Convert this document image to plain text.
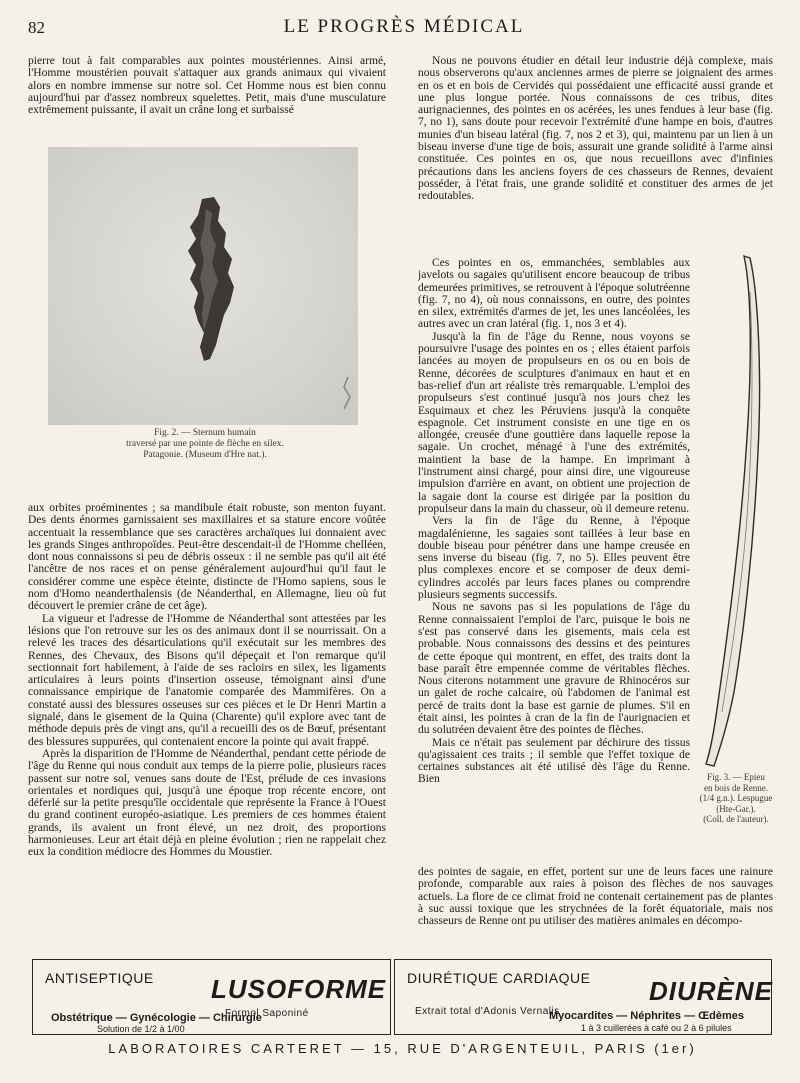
82	LE PROGRÈS MÉDICAL

pierre tout à fait comparables aux pointes moustériennes. Ainsi armé, l'Homme moustérien pouvait s'attaquer aux grands animaux qui vivaient alors en nombre immense sur notre sol. Cet Homme nous est bien connu aujourd'hui par d'assez nombreux squelettes. Petit, mais d'une musculature extrêmement puissante, il avait un crâne long et surbaissé

Fig. 2. — Sternum humain
traversé par une pointe de flèche en silex.
Patagonie. (Museum d'Hre nat.).

aux orbites proéminentes ; sa mandibule était robuste, son menton fuyant. Des dents énormes garnissaient ses maxillaires et sa stature encore voûtée accentuait la ressemblance que ses caractères archaïques lui donnaient avec les grands Singes anthropoïdes. Peut-être descendait-il de l'Homme chelléen, dont nous connaissons si peu de débris osseux : il ne semble pas qu'il ait été l'ancêtre de nos races et on pense généralement aujourd'hui qu'il faut le considérer comme une espèce éteinte, distincte de l'Homo sapiens, sous le nom d'Homo neanderthalensis (de Néanderthal, en Allemagne, lieu où fut découvert le premier crâne de cet âge).

La vigueur et l'adresse de l'Homme de Néanderthal sont attestées par les lésions que l'on retrouve sur les os des animaux dont il se nourrissait. On a relevé les traces des désarticulations qu'il exécutait sur les membres des Rennes, des Chevaux, des Bisons qu'il dépeçait et l'on remarque qu'il sectionnait fort habilement, à l'aide de ses racloirs en silex, les ligaments articulaires à leurs points d'insertion osseuse, témoignant ainsi d'une connaissance empirique de l'anatomie comparée des Mammifères. On a constaté aussi des blessures osseuses sur ces pièces et le Dr Henri Martin a signalé, dans le gisement de la Quina (Charente) qu'il explore avec tant de méthode depuis près de vingt ans, qu'il a recueilli des os de Bœuf, présentant des blessures suppurées, qui contenaient encore la pointe qui avait frappé.

Après la disparition de l'Homme de Néanderthal, pendant cette période de l'âge du Renne qui nous conduit aux temps de la pierre polie, plusieurs races passent sur notre sol, venues sans doute de l'Est, prélude de ces invasions orientales et nordiques qui, jusqu'à une époque trop récente encore, ont déferlé sur la petite presqu'île occidentale que représente la France à l'Ouest du grand continent européo-asiatique. Les premiers de ces hommes étaient grands, ils avaient un front élevé, un nez droit, des proportions harmonieuses. Leur art était déjà en pleine évolution ; rien ne rappelait chez eux la condition médiocre des Hommes du Moustier.

Nous ne pouvons étudier en détail leur industrie déjà complexe, mais nous observerons qu'aux anciennes armes de pierre se joignaient des armes en os et en bois de Cervidés qui possédaient une efficacité aussi grande et une plus longue portée. Nous connaissons de ces tribus, dites aurignaciennes, des pointes en os acérées, les unes fendues à leur base (fig. 7, no 1), sans doute pour recevoir l'extrémité d'une hampe en bois, d'autres munies d'un biseau latéral (fig. 7, nos 2 et 3), qui, maintenu par un lien à un biseau inverse d'une tige de bois, assurait une grande solidité à l'arme ainsi constituée. Ces pointes en os, que nous recueillons avec d'infinies précautions dans les anciens foyers de ces chasseurs de Rennes, devaient posséder, à l'état frais, une grande solidité et constituer des armes de jet redoutables.

Ces pointes en os, emmanchées, semblables aux javelots ou sagaies qu'utilisent encore beaucoup de tribus demeurées primitives, se retrouvent à l'époque solutréenne (fig. 7, no 4), où nous connaissons, en outre, des pointes en silex, extrémités d'armes de jet, les unes lancéolées, les autres avec un cran latéral (fig. 1, nos 3 et 4).

Jusqu'à la fin de l'âge du Renne, nous voyons se poursuivre l'usage des pointes en os ; elles étaient parfois lancées au moyen de propulseurs en os ou en bois de Renne, décorées de sculptures d'animaux en haut et en bas-relief d'un art réaliste très remarquable. L'emploi des propulseurs s'est continué jusqu'à nos jours chez les Esquimaux et chez les Péruviens jusqu'à la conquête espagnole. Cet instrument consiste en une tige en os allongée, creusée d'une gouttière dans laquelle repose la sagaie. Un crochet, ménagé à l'une des extrémités, maintient la base de la hampe. En imprimant à l'instrument ainsi chargé, pour ainsi dire, une vigoureuse impulsion d'arrière en avant, on obtient une projection de la sagaie dont la course est dirigée par la position du propulseur dans la main du chasseur, où il demeure retenu.

Vers la fin de l'âge du Renne, à l'époque magdalénienne, les sagaies sont taillées à leur base en double biseau pour pénétrer dans une hampe creusée en sens inverse du biseau (fig. 7, no 5). Elles peuvent être plus complexes encore et se composer de deux demi-cylindres accolés par leurs faces planes ou comprendre plusieurs segments successifs.

Nous ne savons pas si les populations de l'âge du Renne connaissaient l'emploi de l'arc, puisque le bois ne s'est pas conservé dans les gisements, mais cela est probable. Nous connaissons des dessins et des peintures de cette époque qui montrent, en effet, des traits dont la base paraît être empennée comme de véritables flèches. Nous citerons notamment une gravure de Rhinocéros sur un galet de roche calcaire, où l'abdomen de l'animal est percé de traits dont la base est garnie de plumes. S'il en était ainsi, les pointes à cran de la fin de l'aurignacien et du solutréen devaient être des pointes de flèches.

Mais ce n'était pas seulement par déchirure des tissus qu'agissaient ces traits ; il semble que l'effet toxique de certaines substances ait été utilisé dès l'âge du Renne. Bien	Fig. 3. — Epieu
en bois de Renne.
(1/4 g.n.). Lespugue (Hte-Gar.).
(Coll. de l'auteur).

des pointes de sagaie, en effet, portent sur une de leurs faces une rainure profonde, comparable aux raies à poison des flèches de nos sauvages actuels. La flore de ce climat froid ne contenait certainement pas de plantes à suc aussi toxique que les strychnées de la forêt équatoriale, mais nos chasseurs de Renne ont pu utiliser des matières animales en décompo-

ANTISEPTIQUE LUSOFORME
Formol Saponiné
Obstétrique — Gynécologie — Chirurgie
Solution de 1/2 à 1/00
DIURÉTIQUE CARDIAQUE DIURÈNE
Extrait total d'Adonis Vernalis
Myocardites — Néphrites — Œdèmes
1 à 3 cuillerées à café ou 2 à 6 pilules
LABORATOIRES CARTERET — 15, RUE D'ARGENTEUIL, PARIS (1er)
